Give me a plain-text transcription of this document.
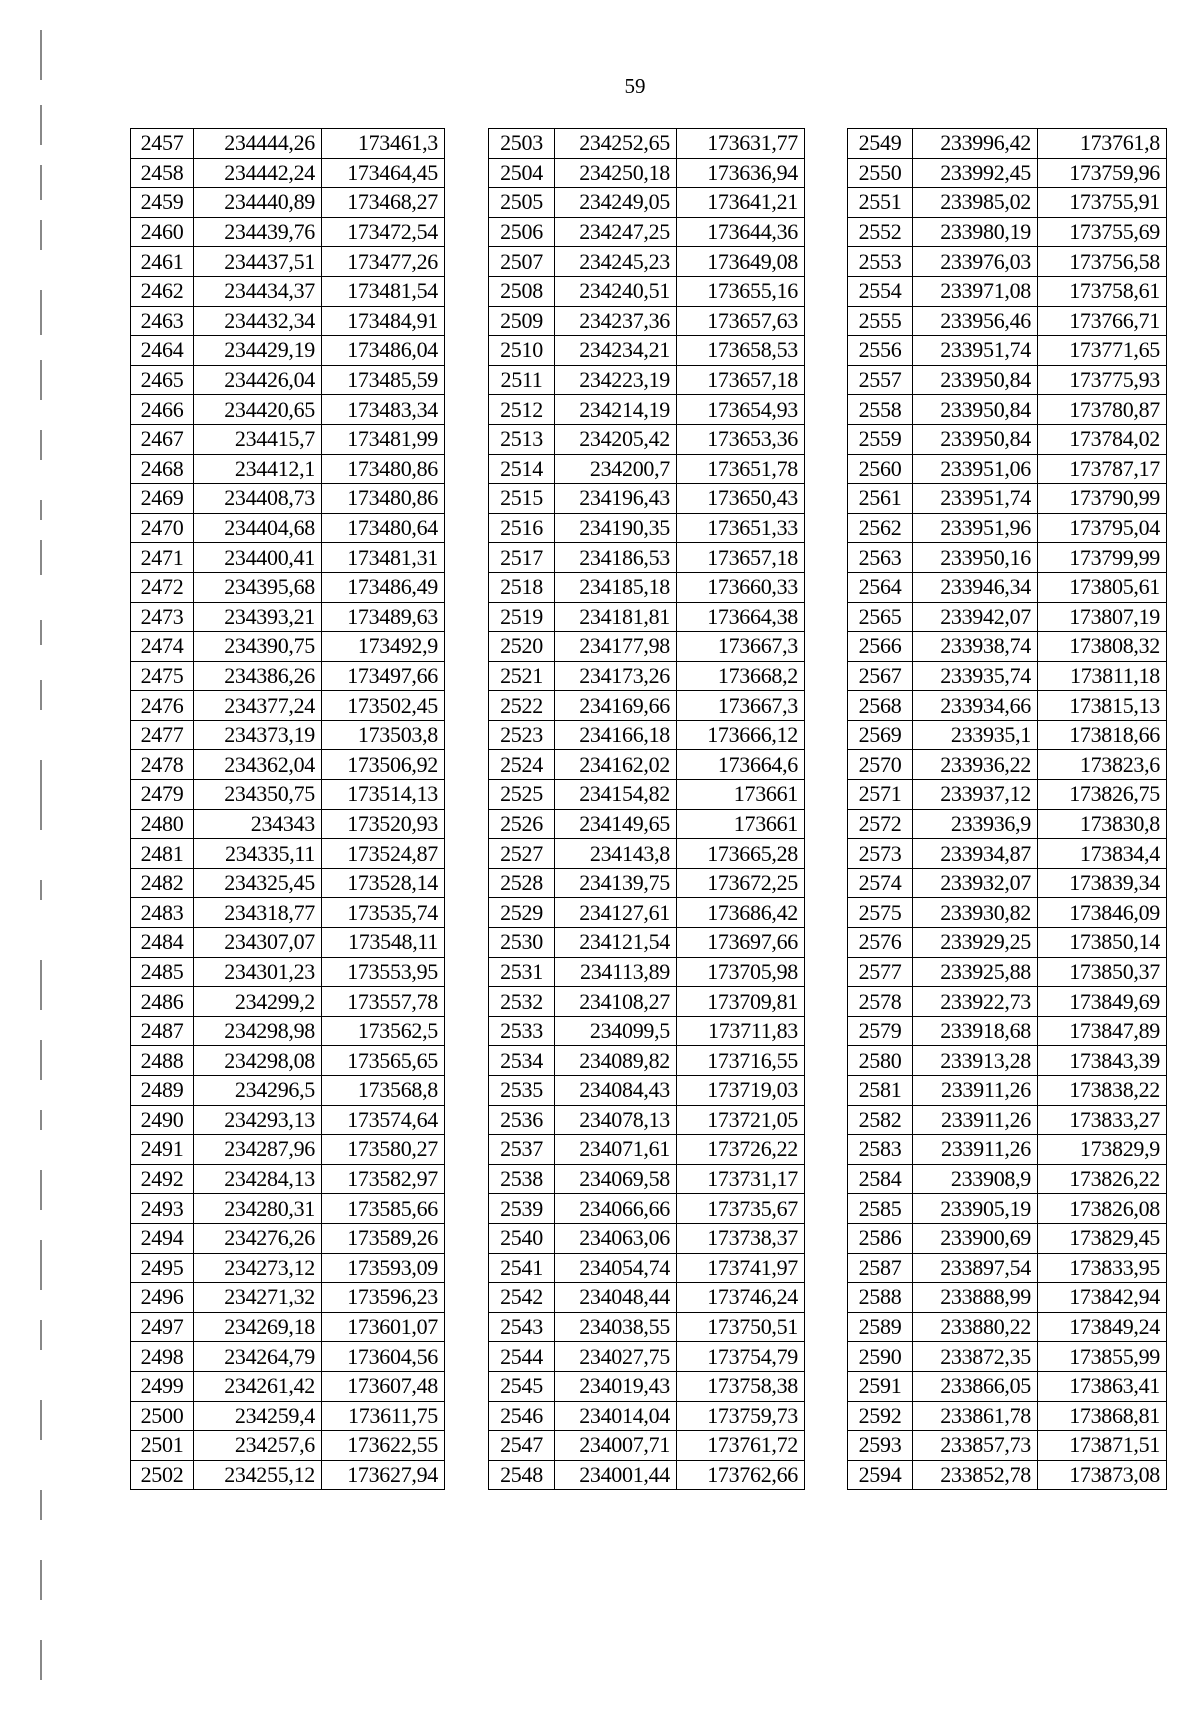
59
2457	234444,26	173461,3
2458	234442,24	173464,45
2459	234440,89	173468,27
2460	234439,76	173472,54
2461	234437,51	173477,26
2462	234434,37	173481,54
2463	234432,34	173484,91
2464	234429,19	173486,04
2465	234426,04	173485,59
2466	234420,65	173483,34
2467	234415,7	173481,99
2468	234412,1	173480,86
2469	234408,73	173480,86
2470	234404,68	173480,64
2471	234400,41	173481,31
2472	234395,68	173486,49
2473	234393,21	173489,63
2474	234390,75	173492,9
2475	234386,26	173497,66
2476	234377,24	173502,45
2477	234373,19	173503,8
2478	234362,04	173506,92
2479	234350,75	173514,13
2480	234343	173520,93
2481	234335,11	173524,87
2482	234325,45	173528,14
2483	234318,77	173535,74
2484	234307,07	173548,11
2485	234301,23	173553,95
2486	234299,2	173557,78
2487	234298,98	173562,5
2488	234298,08	173565,65
2489	234296,5	173568,8
2490	234293,13	173574,64
2491	234287,96	173580,27
2492	234284,13	173582,97
2493	234280,31	173585,66
2494	234276,26	173589,26
2495	234273,12	173593,09
2496	234271,32	173596,23
2497	234269,18	173601,07
2498	234264,79	173604,56
2499	234261,42	173607,48
2500	234259,4	173611,75
2501	234257,6	173622,55
2502	234255,12	173627,94
2503	234252,65	173631,77
2504	234250,18	173636,94
2505	234249,05	173641,21
2506	234247,25	173644,36
2507	234245,23	173649,08
2508	234240,51	173655,16
2509	234237,36	173657,63
2510	234234,21	173658,53
2511	234223,19	173657,18
2512	234214,19	173654,93
2513	234205,42	173653,36
2514	234200,7	173651,78
2515	234196,43	173650,43
2516	234190,35	173651,33
2517	234186,53	173657,18
2518	234185,18	173660,33
2519	234181,81	173664,38
2520	234177,98	173667,3
2521	234173,26	173668,2
2522	234169,66	173667,3
2523	234166,18	173666,12
2524	234162,02	173664,6
2525	234154,82	173661
2526	234149,65	173661
2527	234143,8	173665,28
2528	234139,75	173672,25
2529	234127,61	173686,42
2530	234121,54	173697,66
2531	234113,89	173705,98
2532	234108,27	173709,81
2533	234099,5	173711,83
2534	234089,82	173716,55
2535	234084,43	173719,03
2536	234078,13	173721,05
2537	234071,61	173726,22
2538	234069,58	173731,17
2539	234066,66	173735,67
2540	234063,06	173738,37
2541	234054,74	173741,97
2542	234048,44	173746,24
2543	234038,55	173750,51
2544	234027,75	173754,79
2545	234019,43	173758,38
2546	234014,04	173759,73
2547	234007,71	173761,72
2548	234001,44	173762,66
2549	233996,42	173761,8
2550	233992,45	173759,96
2551	233985,02	173755,91
2552	233980,19	173755,69
2553	233976,03	173756,58
2554	233971,08	173758,61
2555	233956,46	173766,71
2556	233951,74	173771,65
2557	233950,84	173775,93
2558	233950,84	173780,87
2559	233950,84	173784,02
2560	233951,06	173787,17
2561	233951,74	173790,99
2562	233951,96	173795,04
2563	233950,16	173799,99
2564	233946,34	173805,61
2565	233942,07	173807,19
2566	233938,74	173808,32
2567	233935,74	173811,18
2568	233934,66	173815,13
2569	233935,1	173818,66
2570	233936,22	173823,6
2571	233937,12	173826,75
2572	233936,9	173830,8
2573	233934,87	173834,4
2574	233932,07	173839,34
2575	233930,82	173846,09
2576	233929,25	173850,14
2577	233925,88	173850,37
2578	233922,73	173849,69
2579	233918,68	173847,89
2580	233913,28	173843,39
2581	233911,26	173838,22
2582	233911,26	173833,27
2583	233911,26	173829,9
2584	233908,9	173826,22
2585	233905,19	173826,08
2586	233900,69	173829,45
2587	233897,54	173833,95
2588	233888,99	173842,94
2589	233880,22	173849,24
2590	233872,35	173855,99
2591	233866,05	173863,41
2592	233861,78	173868,81
2593	233857,73	173871,51
2594	233852,78	173873,08
